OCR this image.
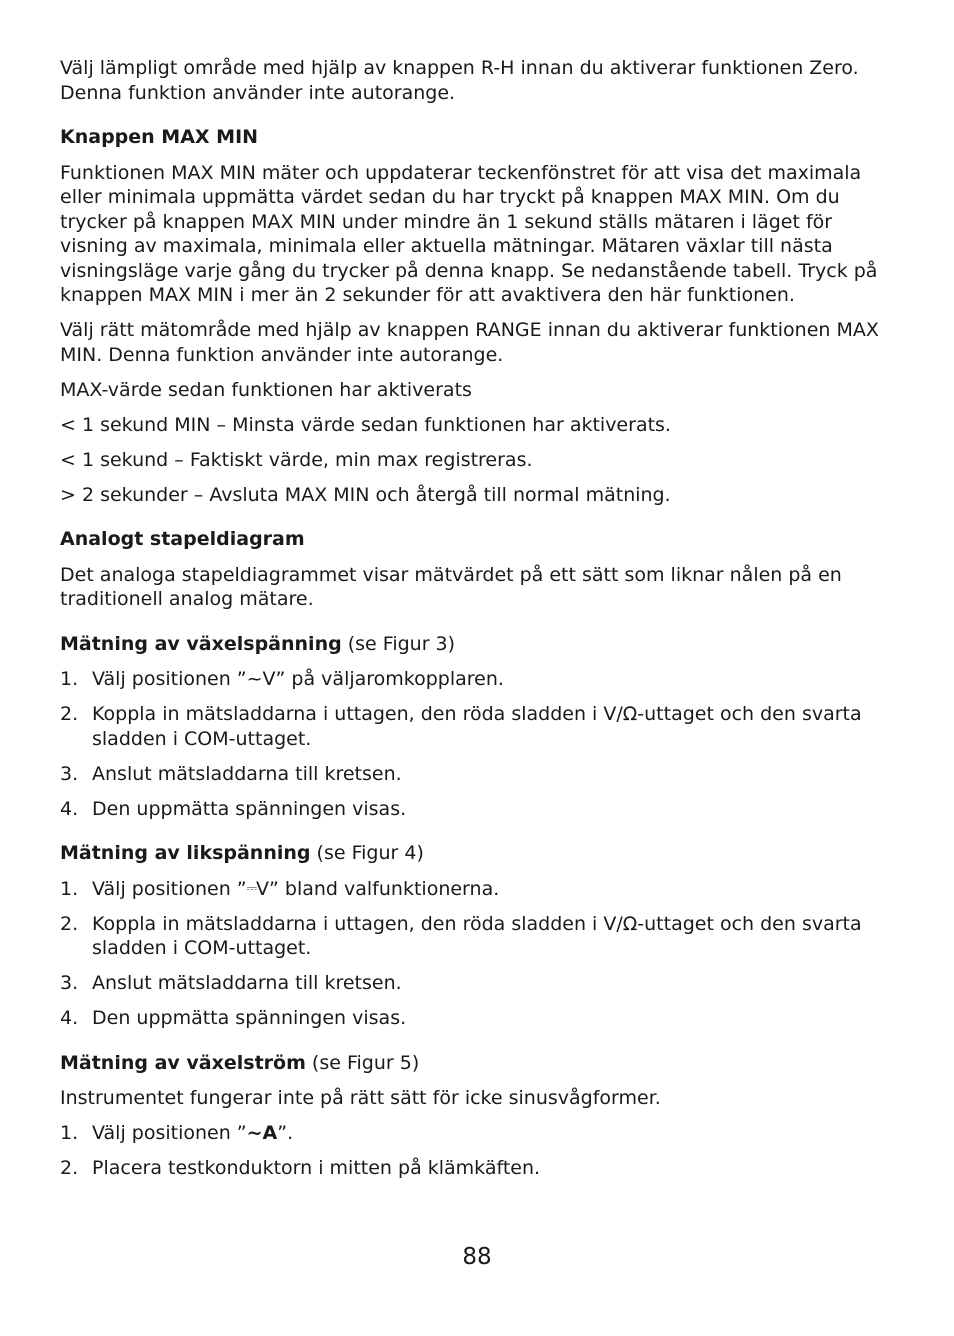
Välj lämpligt område med hjälp av knappen R-H innan du aktiverar funktionen Zero. Denna funktion använder inte autorange.

Knappen MAX MIN

Funktionen MAX MIN mäter och uppdaterar teckenfönstret för att visa det maximala eller minimala uppmätta värdet sedan du har tryckt på knappen MAX MIN. Om du trycker på knappen MAX MIN under mindre än 1 sekund ställs mätaren i läget för visning av maximala, minimala eller aktuella mätningar. Mätaren växlar till nästa visningsläge varje gång du trycker på denna knapp. Se nedanstående tabell. Tryck på knappen MAX MIN i mer än 2 sekunder för att avaktivera den här funktionen.

Välj rätt mätområde med hjälp av knappen RANGE innan du aktiverar funktionen MAX MIN. Denna funktion använder inte autorange.

MAX-värde sedan funktionen har aktiverats

< 1 sekund MIN – Minsta värde sedan funktionen har aktiverats.

< 1 sekund – Faktiskt värde, min max registreras.

> 2 sekunder – Avsluta MAX MIN och återgå till normal mätning.

Analogt stapeldiagram

Det analoga stapeldiagrammet visar mätvärdet på ett sätt som liknar nålen på en traditionell analog mätare.

Mätning av växelspänning (se Figur 3)

1. Välj positionen ”~V” på väljaromkopplaren.
2. Koppla in mätsladdarna i uttagen, den röda sladden i V/Ω-uttaget och den svarta sladden i COM-uttaget.
3. Anslut mätsladdarna till kretsen.
4. Den uppmätta spänningen visas.

Mätning av likspänning (se Figur 4)

1. Välj positionen ”⎓V” bland valfunktionerna.
2. Koppla in mätsladdarna i uttagen, den röda sladden i V/Ω-uttaget och den svarta sladden i COM-uttaget.
3. Anslut mätsladdarna till kretsen.
4. Den uppmätta spänningen visas.

Mätning av växelström (se Figur 5)

Instrumentet fungerar inte på rätt sätt för icke sinusvågformer.

1. Välj positionen ”~A”.
2. Placera testkonduktorn i mitten på klämkäften.
88
